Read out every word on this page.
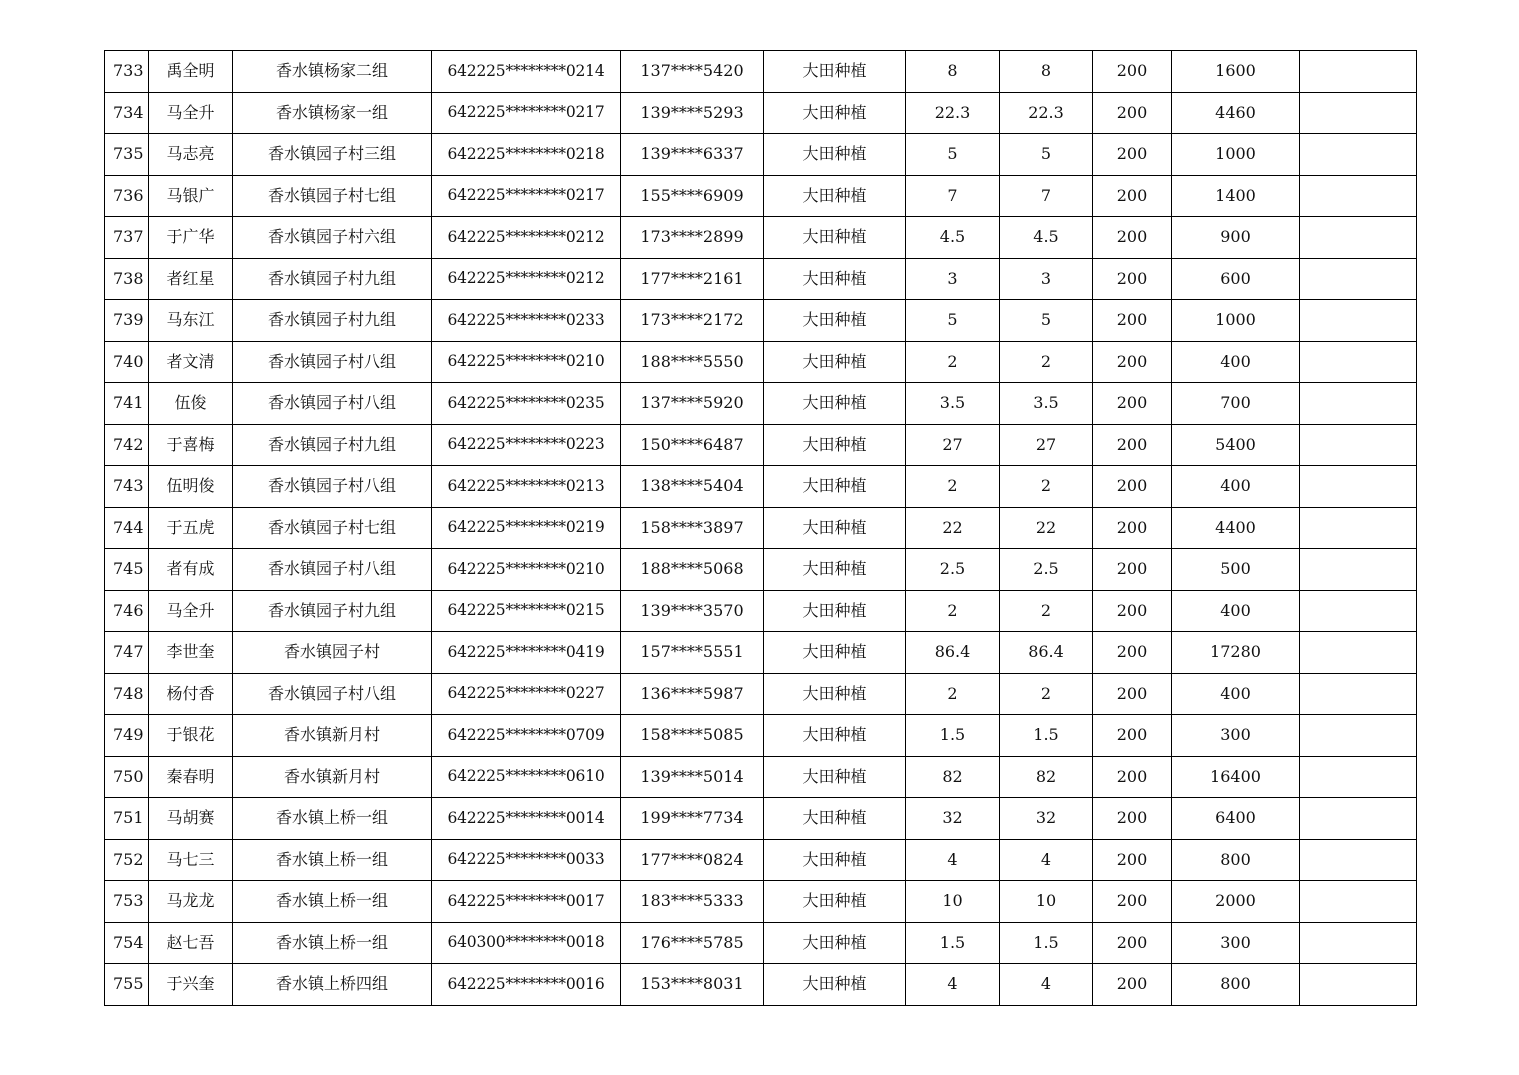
733	禹全明	香水镇杨家二组	642225********0214	137****5420	大田种植	8	8	200	1600	
734	马全升	香水镇杨家一组	642225********0217	139****5293	大田种植	22.3	22.3	200	4460	
735	马志亮	香水镇园子村三组	642225********0218	139****6337	大田种植	5	5	200	1000	
736	马银广	香水镇园子村七组	642225********0217	155****6909	大田种植	7	7	200	1400	
737	于广华	香水镇园子村六组	642225********0212	173****2899	大田种植	4.5	4.5	200	900	
738	者红星	香水镇园子村九组	642225********0212	177****2161	大田种植	3	3	200	600	
739	马东江	香水镇园子村九组	642225********0233	173****2172	大田种植	5	5	200	1000	
740	者文清	香水镇园子村八组	642225********0210	188****5550	大田种植	2	2	200	400	
741	伍俊	香水镇园子村八组	642225********0235	137****5920	大田种植	3.5	3.5	200	700	
742	于喜梅	香水镇园子村九组	642225********0223	150****6487	大田种植	27	27	200	5400	
743	伍明俊	香水镇园子村八组	642225********0213	138****5404	大田种植	2	2	200	400	
744	于五虎	香水镇园子村七组	642225********0219	158****3897	大田种植	22	22	200	4400	
745	者有成	香水镇园子村八组	642225********0210	188****5068	大田种植	2.5	2.5	200	500	
746	马全升	香水镇园子村九组	642225********0215	139****3570	大田种植	2	2	200	400	
747	李世奎	香水镇园子村	642225********0419	157****5551	大田种植	86.4	86.4	200	17280	
748	杨付香	香水镇园子村八组	642225********0227	136****5987	大田种植	2	2	200	400	
749	于银花	香水镇新月村	642225********0709	158****5085	大田种植	1.5	1.5	200	300	
750	秦春明	香水镇新月村	642225********0610	139****5014	大田种植	82	82	200	16400	
751	马胡赛	香水镇上桥一组	642225********0014	199****7734	大田种植	32	32	200	6400	
752	马七三	香水镇上桥一组	642225********0033	177****0824	大田种植	4	4	200	800	
753	马龙龙	香水镇上桥一组	642225********0017	183****5333	大田种植	10	10	200	2000	
754	赵七吾	香水镇上桥一组	640300********0018	176****5785	大田种植	1.5	1.5	200	300	
755	于兴奎	香水镇上桥四组	642225********0016	153****8031	大田种植	4	4	200	800	
